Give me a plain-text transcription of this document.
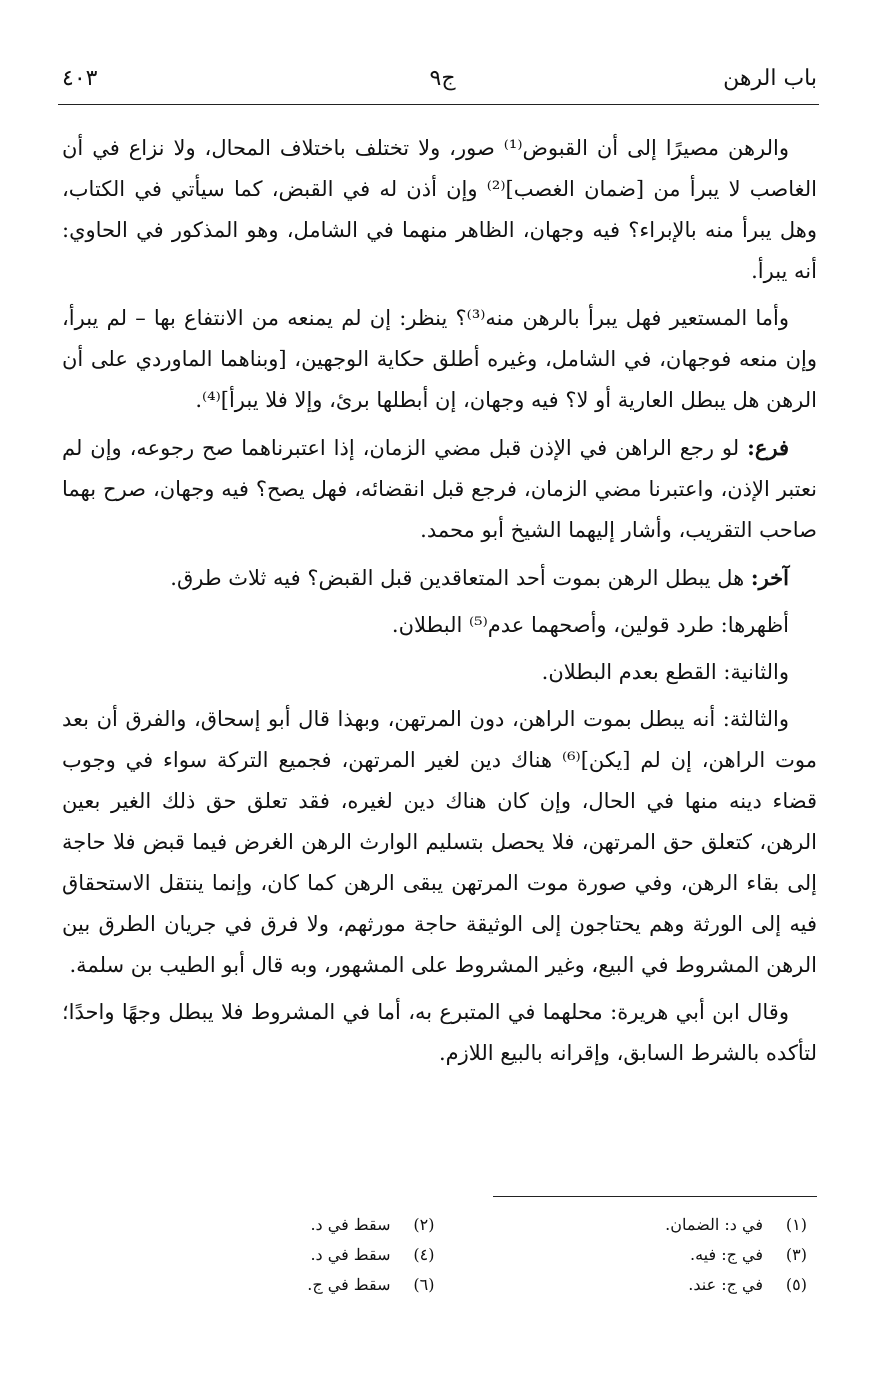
باب الرهن
ج٩
٤٠٣

والرهن مصيرًا إلى أن القبوض⁽¹⁾ صور، ولا تختلف باختلاف المحال، ولا نزاع في أن الغاصب لا يبرأ من [ضمان الغصب]⁽²⁾ وإن أذن له في القبض، كما سيأتي في الكتاب، وهل يبرأ منه بالإبراء؟ فيه وجهان، الظاهر منهما في الشامل، وهو المذكور في الحاوي: أنه يبرأ.

وأما المستعير فهل يبرأ بالرهن منه⁽³⁾؟ ينظر: إن لم يمنعه من الانتفاع بها – لم يبرأ، وإن منعه فوجهان، في الشامل، وغيره أطلق حكاية الوجهين، [وبناهما الماوردي على أن الرهن هل يبطل العارية أو لا؟ فيه وجهان، إن أبطلها برئ، وإلا فلا يبرأ]⁽⁴⁾.

فرع: لو رجع الراهن في الإذن قبل مضي الزمان، إذا اعتبرناهما صح رجوعه، وإن لم نعتبر الإذن، واعتبرنا مضي الزمان، فرجع قبل انقضائه، فهل يصح؟ فيه وجهان، صرح بهما صاحب التقريب، وأشار إليهما الشيخ أبو محمد.

آخر: هل يبطل الرهن بموت أحد المتعاقدين قبل القبض؟ فيه ثلاث طرق.

أظهرها: طرد قولين، وأصحهما عدم⁽⁵⁾ البطلان.

والثانية: القطع بعدم البطلان.

والثالثة: أنه يبطل بموت الراهن، دون المرتهن، وبهذا قال أبو إسحاق، والفرق أن بعد موت الراهن، إن لم [يكن]⁽⁶⁾ هناك دين لغير المرتهن، فجميع التركة سواء في وجوب قضاء دينه منها في الحال، وإن كان هناك دين لغيره، فقد تعلق حق ذلك الغير بعين الرهن، كتعلق حق المرتهن، فلا يحصل بتسليم الوارث الرهن الغرض فيما قبض فلا حاجة إلى بقاء الرهن، وفي صورة موت المرتهن يبقى الرهن كما كان، وإنما ينتقل الاستحقاق فيه إلى الورثة وهم يحتاجون إلى الوثيقة حاجة مورثهم، ولا فرق في جريان الطرق بين الرهن المشروط في البيع، وغير المشروط على المشهور، وبه قال أبو الطيب بن سلمة.

وقال ابن أبي هريرة: محلهما في المتبرع به، أما في المشروط فلا يبطل وجهًا واحدًا؛ لتأكده بالشرط السابق، وإقرانه بالبيع اللازم.

(١)
في د: الضمان.
(٢)
سقط في د.
(٣)
في ج: فيه.
(٤)
سقط في د.
(٥)
في ج: عند.
(٦)
سقط في ج.
